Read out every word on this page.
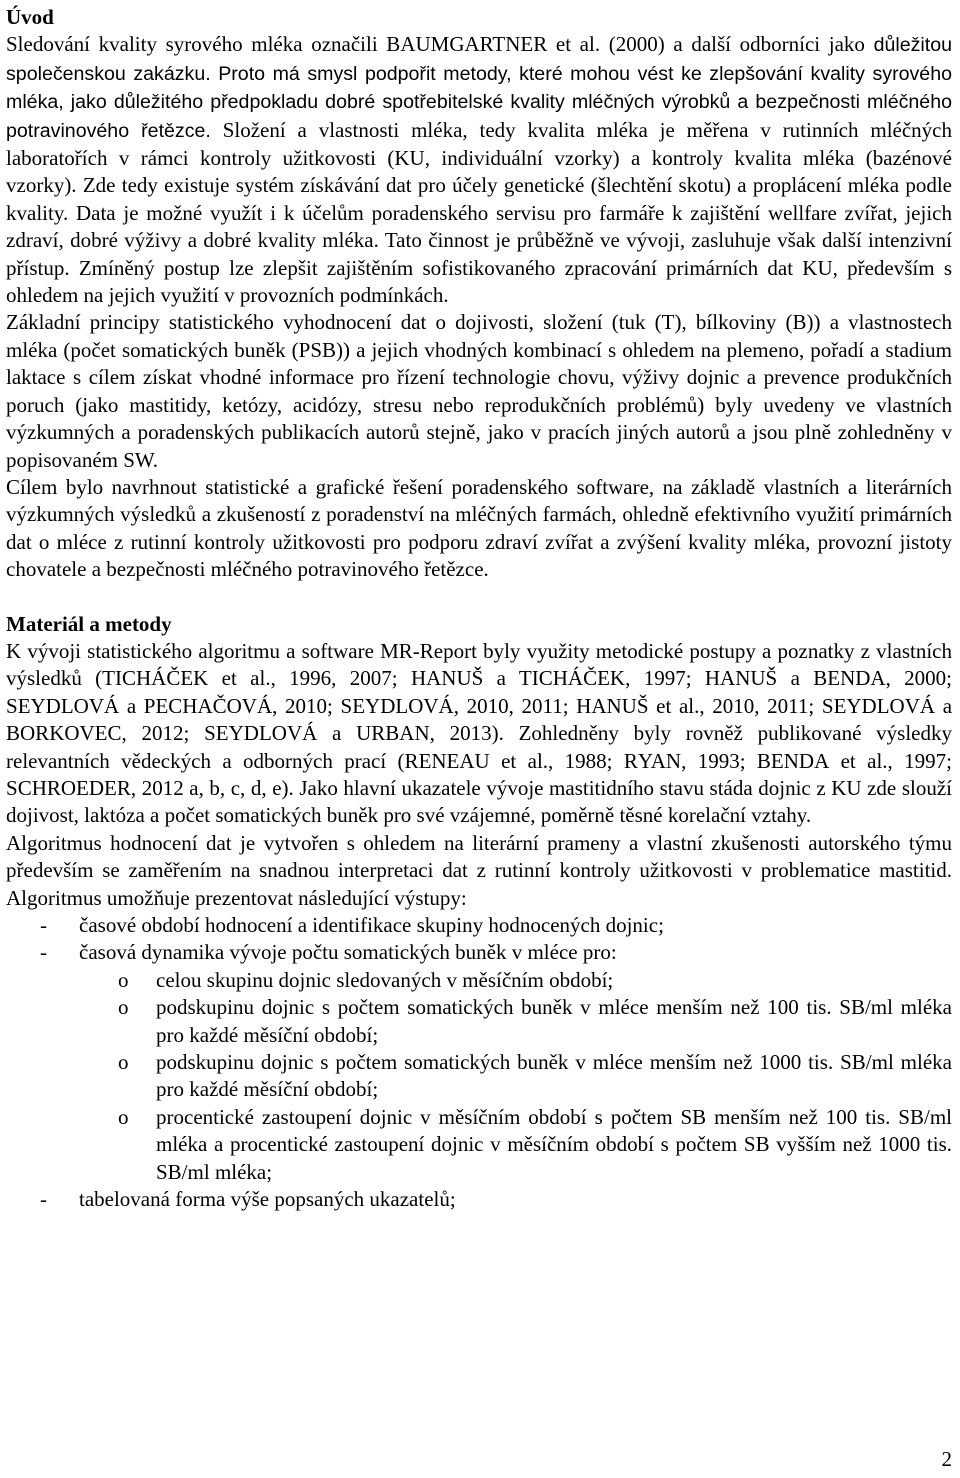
Úvod

Sledování kvality syrového mléka označili BAUMGARTNER et al. (2000) a další odborníci jako důležitou společenskou zakázku. Proto má smysl podpořit metody, které mohou vést ke zlepšování kvality syrového mléka, jako důležitého předpokladu dobré spotřebitelské kvality mléčných výrobků a bezpečnosti mléčného potravinového řetězce. Složení a vlastnosti mléka, tedy kvalita mléka je měřena v rutinních mléčných laboratořích v rámci kontroly užitkovosti (KU, individuální vzorky) a kontroly kvalita mléka (bazénové vzorky). Zde tedy existuje systém získávání dat pro účely genetické (šlechtění skotu) a proplácení mléka podle kvality. Data je možné využít i k účelům poradenského servisu pro farmáře k zajištění wellfare zvířat, jejich zdraví, dobré výživy a dobré kvality mléka. Tato činnost je průběžně ve vývoji, zasluhuje však další intenzivní přístup. Zmíněný postup lze zlepšit zajištěním sofistikovaného zpracování primárních dat KU, především s ohledem na jejich využití v provozních podmínkách.

Základní principy statistického vyhodnocení dat o dojivosti, složení (tuk (T), bílkoviny (B)) a vlastnostech mléka (počet somatických buněk (PSB)) a jejich vhodných kombinací s ohledem na plemeno, pořadí a stadium laktace s cílem získat vhodné informace pro řízení technologie chovu, výživy dojnic a prevence produkčních poruch (jako mastitidy, ketózy, acidózy, stresu nebo reprodukčních problémů) byly uvedeny ve vlastních výzkumných a poradenských publikacích autorů stejně, jako v pracích jiných autorů a jsou plně zohledněny v popisovaném SW.

Cílem bylo navrhnout statistické a grafické řešení poradenského software, na základě vlastních a literárních výzkumných výsledků a zkušeností z poradenství na mléčných farmách, ohledně efektivního využití primárních dat o mléce z rutinní kontroly užitkovosti pro podporu zdraví zvířat a zvýšení kvality mléka, provozní jistoty chovatele a bezpečnosti mléčného potravinového řetězce.

Materiál a metody

K vývoji statistického algoritmu a software MR-Report byly využity metodické postupy a poznatky z vlastních výsledků (TICHÁČEK et al., 1996, 2007; HANUŠ a TICHÁČEK, 1997; HANUŠ a BENDA, 2000; SEYDLOVÁ a PECHAČOVÁ, 2010; SEYDLOVÁ, 2010, 2011; HANUŠ et al., 2010, 2011; SEYDLOVÁ a BORKOVEC, 2012; SEYDLOVÁ a URBAN, 2013). Zohledněny byly rovněž publikované výsledky relevantních vědeckých a odborných prací (RENEAU et al., 1988; RYAN, 1993; BENDA et al., 1997; SCHROEDER, 2012 a, b, c, d, e). Jako hlavní ukazatele vývoje mastitidního stavu stáda dojnic z KU zde slouží dojivost, laktóza a počet somatických buněk pro své vzájemné, poměrně těsné korelační vztahy.

Algoritmus hodnocení dat je vytvořen s ohledem na literární prameny a vlastní zkušenosti autorského týmu především se zaměřením na snadnou interpretaci dat z rutinní kontroly užitkovosti v problematice mastitid. Algoritmus umožňuje prezentovat následující výstupy:

- časové období hodnocení a identifikace skupiny hodnocených dojnic;
- časová dynamika vývoje počtu somatických buněk v mléce pro:
o celou skupinu dojnic sledovaných v měsíčním období;
o podskupinu dojnic s počtem somatických buněk v mléce menším než 100 tis. SB/ml mléka pro každé měsíční období;
o podskupinu dojnic s počtem somatických buněk v mléce menším než 1000 tis. SB/ml mléka pro každé měsíční období;
o procentické zastoupení dojnic v měsíčním období s počtem SB menším než 100 tis. SB/ml mléka a procentické zastoupení dojnic v měsíčním období s počtem SB vyšším než 1000 tis. SB/ml mléka;
- tabelovaná forma výše popsaných ukazatelů;
2
